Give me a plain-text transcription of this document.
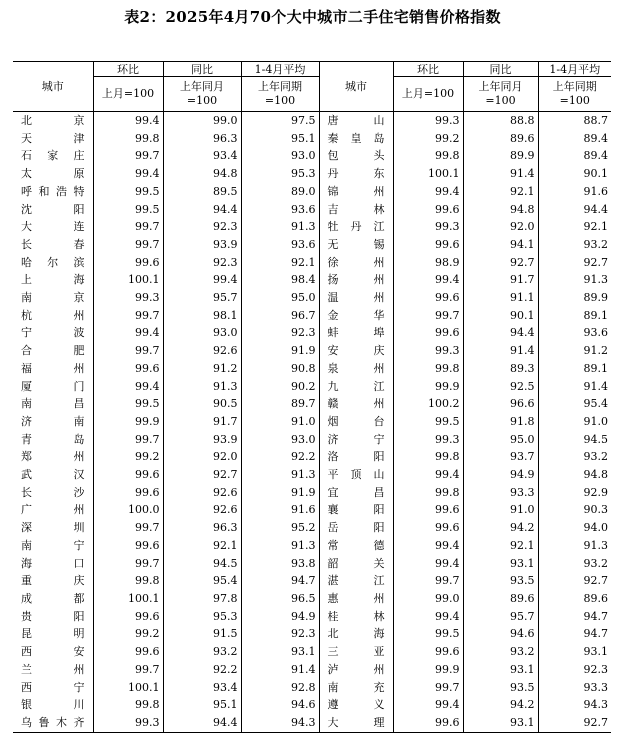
表2：2025年4月70个大中城市二手住宅销售价格指数
城市	环比	同比	1-4月平均	城市	环比	同比	1-4月平均
	上月=100	上年同月=100	上年同期=100		上月=100	上年同月=100	上年同期=100
北京	99.4	99.0	97.5	唐山	99.3	88.8	88.7
天津	99.8	96.3	95.1	秦皇岛	99.2	89.6	89.4
石家庄	99.7	93.4	93.0	包头	99.8	89.9	89.4
太原	99.4	94.8	95.3	丹东	100.1	91.4	90.1
呼和浩特	99.5	89.5	89.0	锦州	99.4	92.1	91.6
沈阳	99.5	94.4	93.6	吉林	99.6	94.8	94.4
大连	99.7	92.3	91.3	牡丹江	99.3	92.0	92.1
长春	99.7	93.9	93.6	无锡	99.6	94.1	93.2
哈尔滨	99.6	92.3	92.1	徐州	98.9	92.7	92.7
上海	100.1	99.4	98.4	扬州	99.4	91.7	91.3
南京	99.3	95.7	95.0	温州	99.6	91.1	89.9
杭州	99.7	98.1	96.7	金华	99.7	90.1	89.1
宁波	99.4	93.0	92.3	蚌埠	99.6	94.4	93.6
合肥	99.7	92.6	91.9	安庆	99.3	91.4	91.2
福州	99.6	91.2	90.8	泉州	99.8	89.3	89.1
厦门	99.4	91.3	90.2	九江	99.9	92.5	91.4
南昌	99.5	90.5	89.7	赣州	100.2	96.6	95.4
济南	99.9	91.7	91.0	烟台	99.5	91.8	91.0
青岛	99.7	93.9	93.0	济宁	99.3	95.0	94.5
郑州	99.2	92.0	92.2	洛阳	99.8	93.7	93.2
武汉	99.6	92.7	91.3	平顶山	99.4	94.9	94.8
长沙	99.6	92.6	91.9	宜昌	99.8	93.3	92.9
广州	100.0	92.6	91.6	襄阳	99.6	91.0	90.3
深圳	99.7	96.3	95.2	岳阳	99.6	94.2	94.0
南宁	99.6	92.1	91.3	常德	99.4	92.1	91.3
海口	99.7	94.5	93.8	韶关	99.4	93.1	93.2
重庆	99.8	95.4	94.7	湛江	99.7	93.5	92.7
成都	100.1	97.8	96.5	惠州	99.0	89.6	89.6
贵阳	99.6	95.3	94.9	桂林	99.4	95.7	94.7
昆明	99.2	91.5	92.3	北海	99.5	94.6	94.7
西安	99.6	93.2	93.1	三亚	99.6	93.2	93.1
兰州	99.7	92.2	91.4	泸州	99.9	93.1	92.3
西宁	100.1	93.4	92.8	南充	99.7	93.5	93.3
银川	99.8	95.1	94.6	遵义	99.4	94.2	94.3
乌鲁木齐	99.3	94.4	94.3	大理	99.6	93.1	92.7
